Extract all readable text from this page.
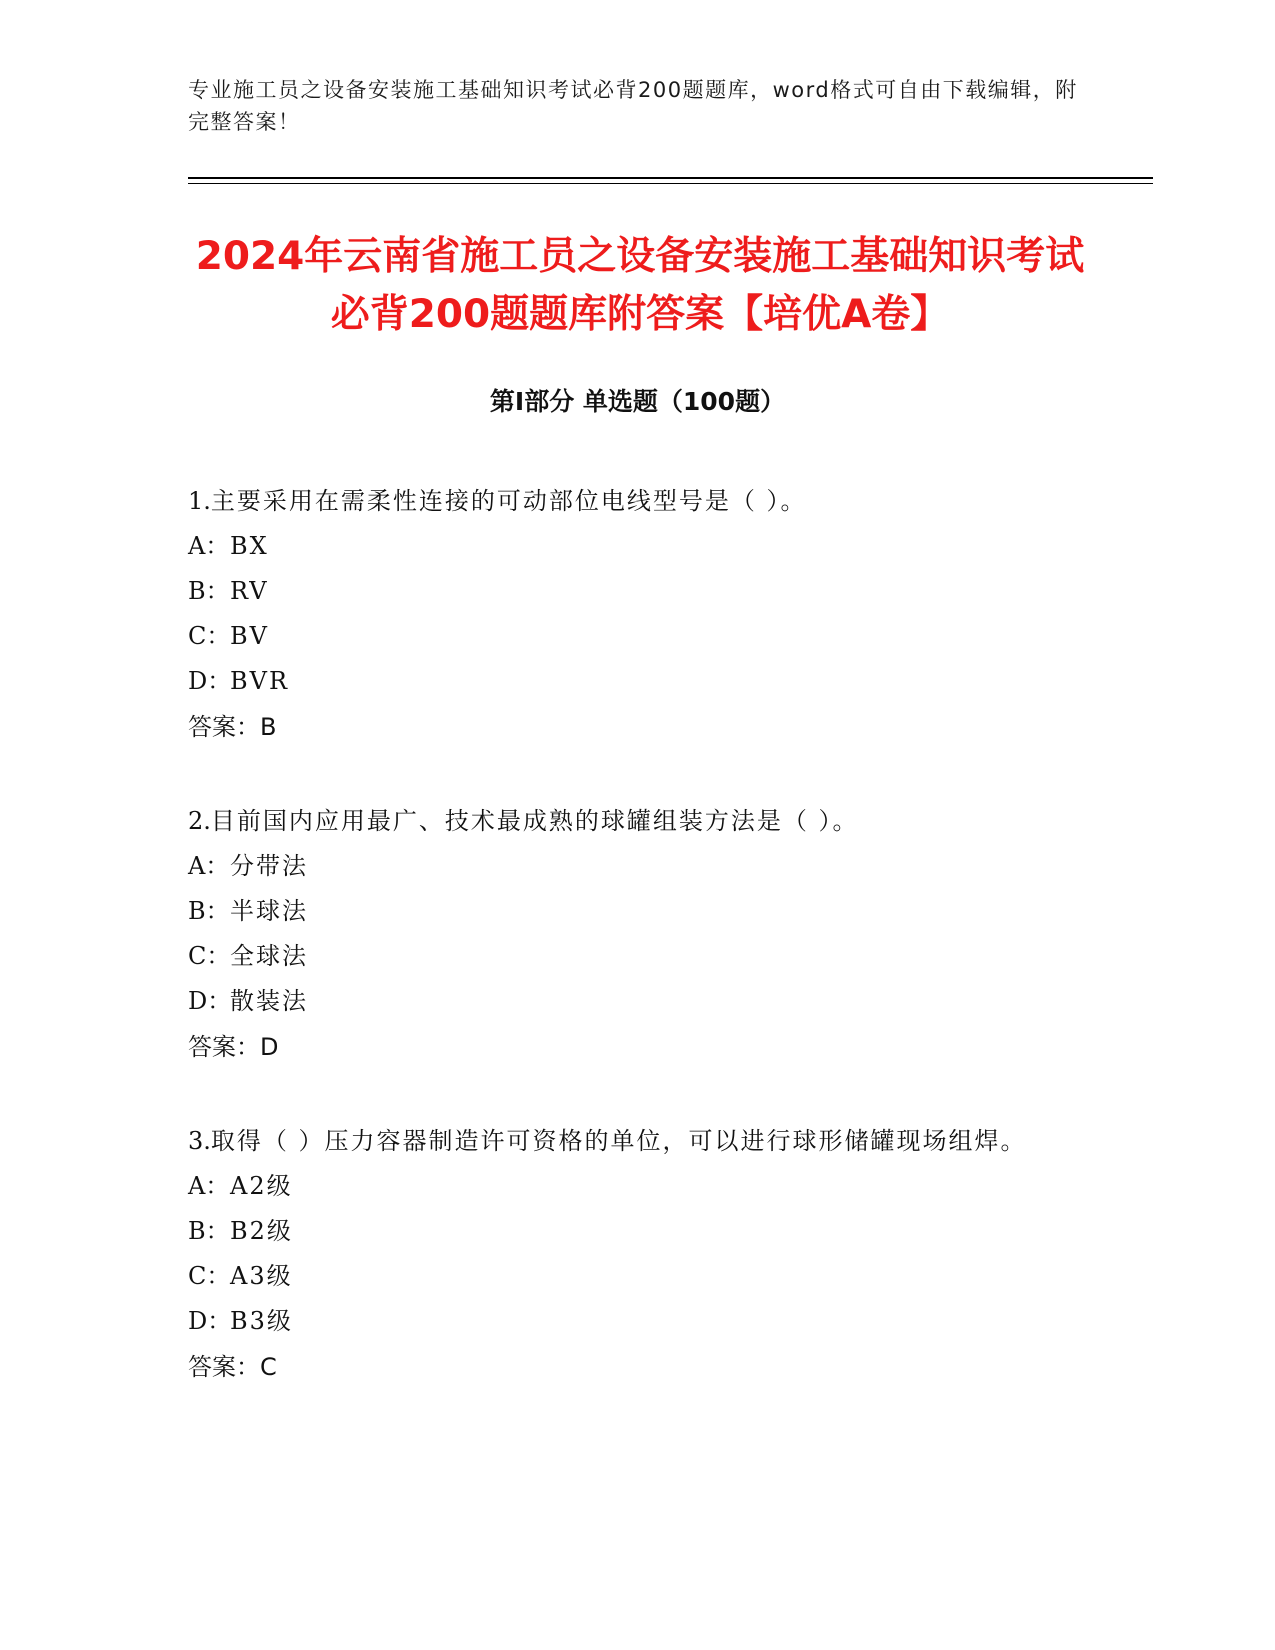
专业施工员之设备安装施工基础知识考试必背200题题库，word格式可自由下载编辑，附完整答案！
2024年云南省施工员之设备安装施工基础知识考试必背200题题库附答案【培优A卷】
第Ⅰ部分 单选题（100题）
1.主要采用在需柔性连接的可动部位电线型号是（ ）。
A： BX
B： RV
C： BV
D：
BVR
答案：B
2.目前国内应用最广、技术最成熟的球罐组装方法是（ ）。
A： 分带法
B： 半球法
C： 全球法
D：
散装法
答案：D
3.取得（ ）压力容器制造许可资格的单位，可以进行球形储罐现场组焊。
A： A2级
B： B2级
C： A3级
D：
B3级
答案：C
